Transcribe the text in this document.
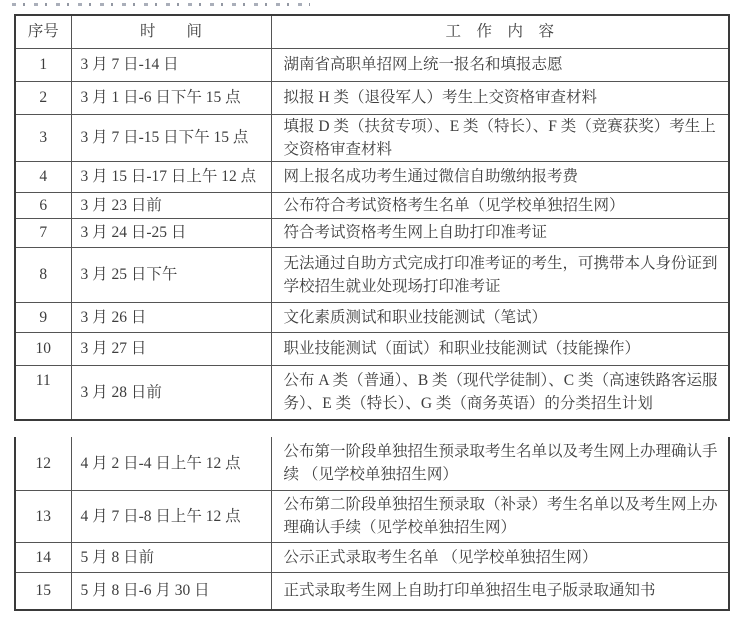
序号	时　　间	工　作　内　容
1	3 月 7 日-14 日	湖南省高职单招网上统一报名和填报志愿
2	3 月 1 日-6 日下午 15 点	拟报 H 类（退役军人）考生上交资格审查材料
3	3 月 7 日-15 日下午 15 点	填报 D 类（扶贫专项）、E 类（特长）、F 类（竞赛获奖）考生上交资格审查材料
4	3 月 15 日-17 日上午 12 点	网上报名成功考生通过微信自助缴纳报考费
6	3 月 23 日前	公布符合考试资格考生名单（见学校单独招生网）
7	3 月 24 日-25 日	符合考试资格考生网上自助打印准考证
8	3 月 25 日下午	无法通过自助方式完成打印准考证的考生，可携带本人身份证到学校招生就业处现场打印准考证
9	3 月 26 日	文化素质测试和职业技能测试（笔试）
10	3 月 27 日	职业技能测试（面试）和职业技能测试（技能操作）
11	3 月 28 日前	公布 A 类（普通）、B 类（现代学徒制）、C 类（高速铁路客运服务）、E 类（特长）、G 类（商务英语）的分类招生计划
12	4 月 2 日-4 日上午 12 点	公布第一阶段单独招生预录取考生名单以及考生网上办理确认手续 （见学校单独招生网）
13	4 月 7 日-8 日上午 12 点	公布第二阶段单独招生预录取（补录）考生名单以及考生网上办理确认手续（见学校单独招生网）
14	5 月 8 日前	公示正式录取考生名单 （见学校单独招生网）
15	5 月 8 日-6 月 30 日	正式录取考生网上自助打印单独招生电子版录取通知书
